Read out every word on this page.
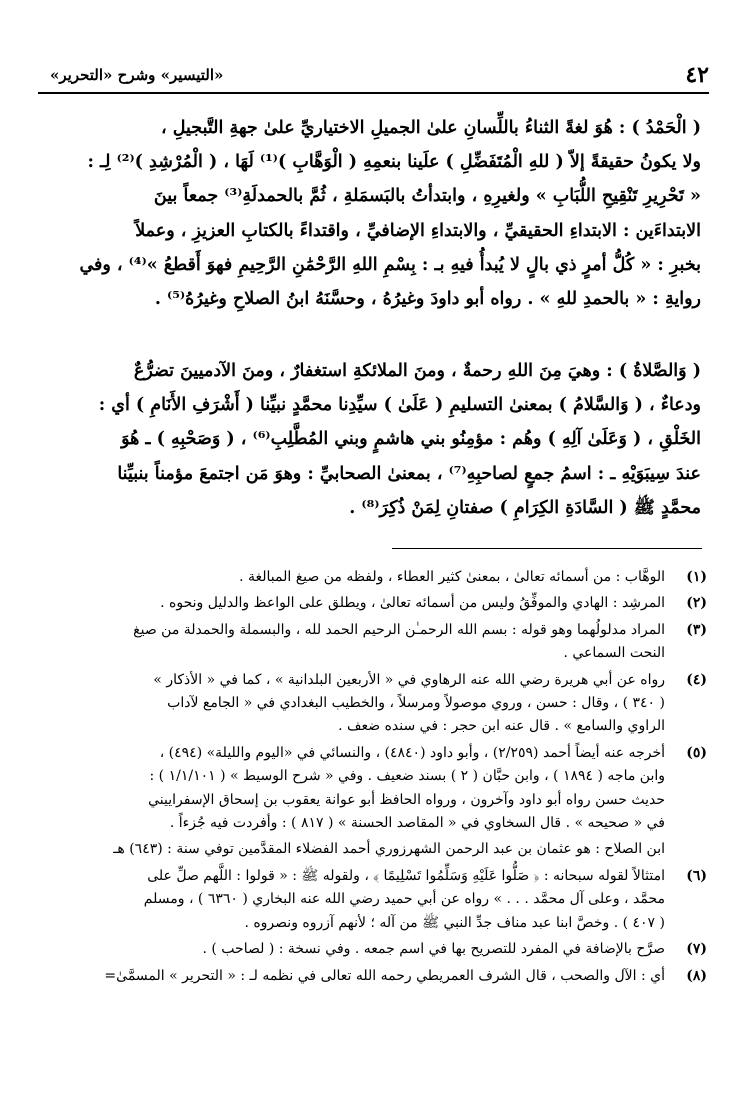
٤٢
«التيسير» وشرح «التحرير»

( الْحَمْدُ ) : هُوَ لغةً الثناءُ باللِّسانِ علىٰ الجميلِ الاختياريِّ علىٰ جهةِ التَّبجيلِ ،
ولا يكونُ حقيقةً إلاّ ( للهِ الْمُتَفَضِّلِ ) علَينا بنعمِهِ ( الْوَهَّابِ )⁽¹⁾ لَهَا ، ( الْمُرْشِدِ )⁽²⁾ لِـ :
« تَحْرِيرِ تَنْقِيحِ اللُّبَابِ » ولغيرِهِ ، وابتدأتُ بالبَسمَلةِ ، ثُمَّ بالحمدلَةِ⁽³⁾ جمعاً بينَ
الابتداءَين : الابتداءِ الحقيقيِّ ، والابتداءِ الإضافيِّ ، واقتداءً بالكتابِ العزيزِ ، وعملاً
بخبرِ : « كُلُّ أمرٍ ذي بالٍ لا يُبدأُ فيهِ بـ : بِسْمِ اللهِ الرَّحْمَٰنِ الرَّحِيمِ فهوَ أَقطعُ »⁽⁴⁾ ، وفي
روايةِ : « بالحمدِ للهِ » . رواه أبو داودَ وغيرُهُ ، وحسَّنَهُ ابنُ الصلاحِ وغيرُهُ⁽⁵⁾ .

( وَالصَّلاةُ ) : وهيَ مِنَ اللهِ رحمةٌ ، ومنَ الملائكةِ استغفارٌ ، ومنَ الآدميينَ تضرُّعٌ
ودعاءٌ ، ( وَالسَّلامُ ) بمعنىٰ التسليمِ ( عَلَىٰ ) سيِّدِنا محمَّدٍ نبيِّنا ( أَشْرَفِ الأَنَامِ ) أي :
الخَلْقِ ، ( وَعَلَىٰ آلِهِ ) وهُم : مؤمِنُو بني هاشمٍ وبني المُطَّلِبِ⁽⁶⁾ ، ( وَصَحْبِهِ ) ـ هُوَ
عندَ سِيبَوَيْهِ ـ : اسمُ جمعٍ لصاحبِهِ⁽⁷⁾ ، بمعنىٰ الصحابيِّ : وهوَ مَن اجتمعَ مؤمناً بنبيِّنا
محمَّدٍ ﷺ ( السَّادَةِ الكِرَامِ ) صفتانِ لِمَنْ ذُكِرَ⁽⁸⁾ .

(١)
الوهَّاب : من أسمائه تعالىٰ ، بمعنىٰ كثير العطاء ، ولفظه من صيغ المبالغة .
(٢)
المرشِد : الهادي والموفِّقُ وليس من أسمائه تعالىٰ ، ويطلق على الواعظ والدليل ونحوه .
(٣)
المراد مدلولُهما وهو قوله : بسم الله الرحمـٰن الرحيم الحمد لله ، والبسملة والحمدلة من صيغ
النحت السماعي .
(٤)
رواه عن أبي هريرة رضي الله عنه الرهاوي في « الأربعين البلدانية » ، كما في « الأذكار »
( ٣٤٠ ) ، وقال : حسن ، وروي موصولاً ومرسلاً ، والخطيب البغدادي في « الجامع لآداب
الراوي والسامع » . قال عنه ابن حجر : في سنده ضعف .
(٥)
أخرجه عنه أيضاً أحمد (٢/٢٥٩) ، وأبو داود (٤٨٤٠) ، والنسائي في «اليوم والليلة» (٤٩٤) ،
وابن ماجه ( ١٨٩٤ ) ، وابن حبَّان ( ٢ ) بسند ضعيف . وفي « شرح الوسيط » ( ١/١/١٠١ ) :
حديث حسن رواه أبو داود وآخرون ، ورواه الحافظ أبو عوانة يعقوب بن إسحاق الإسفراييني
في « صحيحه » . قال السخاوي في « المقاصد الحسنة » ( ٨١٧ ) : وأفردت فيه جُزءاً .
ابن الصلاح : هو عثمان بن عبد الرحمن الشهرزوري أحمد الفضلاء المقدَّمين توفي سنة : (٦٤٣) هـ
(٦)
امتثالاً لقوله سبحانه : ﴿ صَلُّوا عَلَيْهِ وَسَلِّمُوا تَسْلِيمًا ﴾ ، ولقوله ﷺ : « قولوا : اللَّهم صلِّ على
محمَّد ، وعلى آل محمَّد . . . » رواه عن أبي حميد رضي الله عنه البخاري ( ٦٣٦٠ ) ، ومسلم
( ٤٠٧ ) . وخصَّ ابنا عبد مناف جدِّ النبي ﷺ من آله ؛ لأنهم آزروه ونصروه .
(٧)
صرَّح بالإضافة في المفرد للتصريح بها في اسم جمعه . وفي نسخة : ( لصاحب ) .
(٨)
أي : الآل والصحب ، قال الشرف العمريطي رحمه الله تعالى في نظمه لـ : « التحرير » المسمَّىٰ=
